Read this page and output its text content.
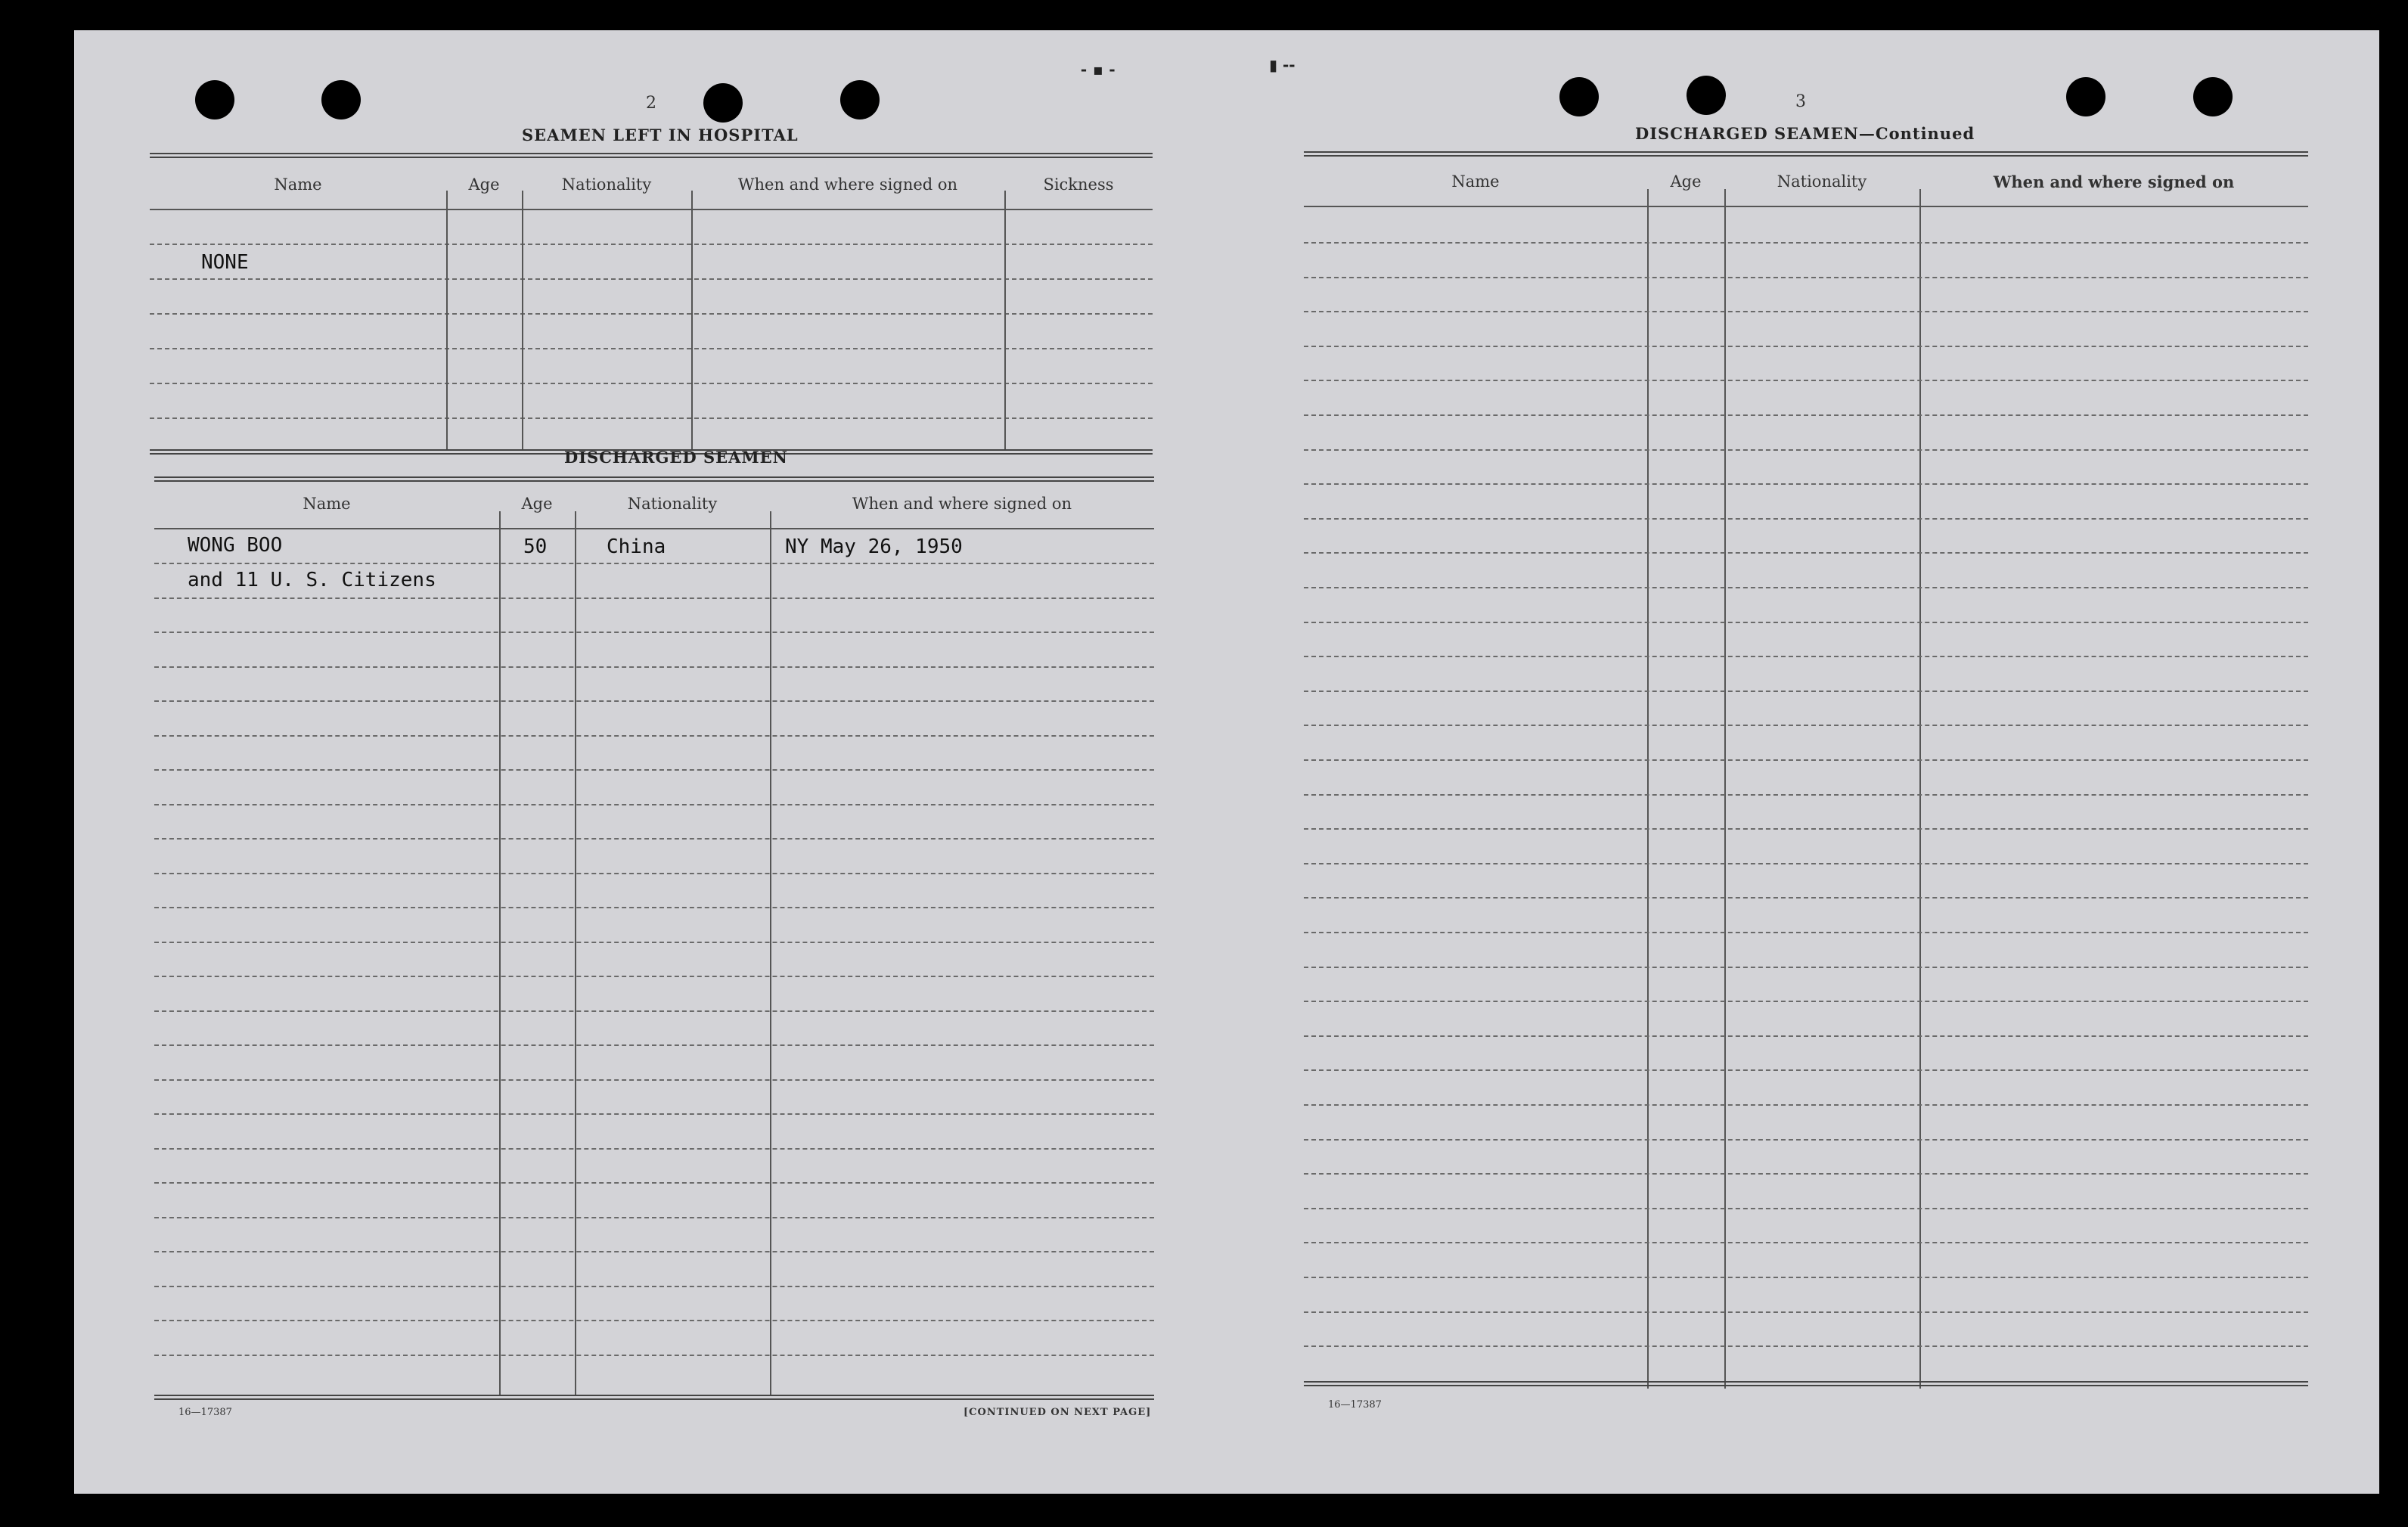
⁃ ▪ ⁃	▮ ‐‐
2
SEAMEN LEFT IN HOSPITAL
Name	Age	Nationality	When and where signed on	Sickness
NONE
DISCHARGED SEAMEN
Name	Age	Nationality	When and where signed on
WONG BOO	50	China	NY May 26, 1950
and 11 U. S. Citizens
16—17387	[CONTINUED ON NEXT PAGE]
3
DISCHARGED SEAMEN—Continued
Name	Age	Nationality	When and where signed on
16—17387
